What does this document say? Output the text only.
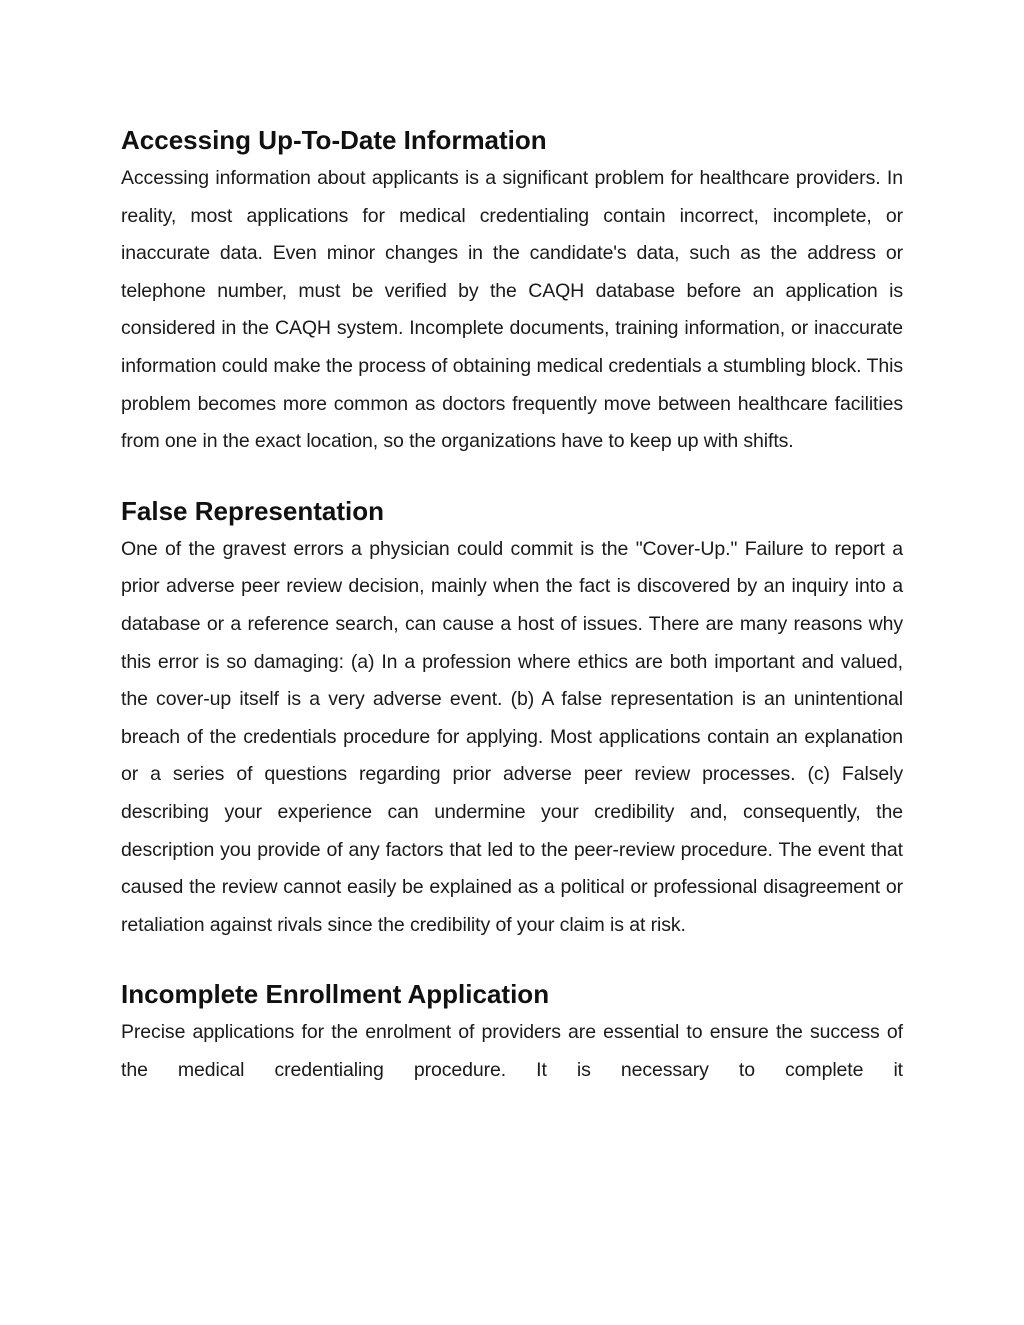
Accessing Up-To-Date Information

Accessing information about applicants is a significant problem for healthcare providers. In reality, most applications for medical credentialing contain incorrect, incomplete, or inaccurate data. Even minor changes in the candidate's data, such as the address or telephone number, must be verified by the CAQH database before an application is considered in the CAQH system. Incomplete documents, training information, or inaccurate information could make the process of obtaining medical credentials a stumbling block. This problem becomes more common as doctors frequently move between healthcare facilities from one in the exact location, so the organizations have to keep up with shifts.

False Representation

One of the gravest errors a physician could commit is the "Cover-Up." Failure to report a prior adverse peer review decision, mainly when the fact is discovered by an inquiry into a database or a reference search, can cause a host of issues. There are many reasons why this error is so damaging: (a) In a profession where ethics are both important and valued, the cover-up itself is a very adverse event. (b) A false representation is an unintentional breach of the credentials procedure for applying. Most applications contain an explanation or a series of questions regarding prior adverse peer review processes. (c) Falsely describing your experience can undermine your credibility and, consequently, the description you provide of any factors that led to the peer-review procedure. The event that caused the review cannot easily be explained as a political or professional disagreement or retaliation against rivals since the credibility of your claim is at risk.

Incomplete Enrollment Application

Precise applications for the enrolment of providers are essential to ensure the success of the medical credentialing procedure. It is necessary to complete it
